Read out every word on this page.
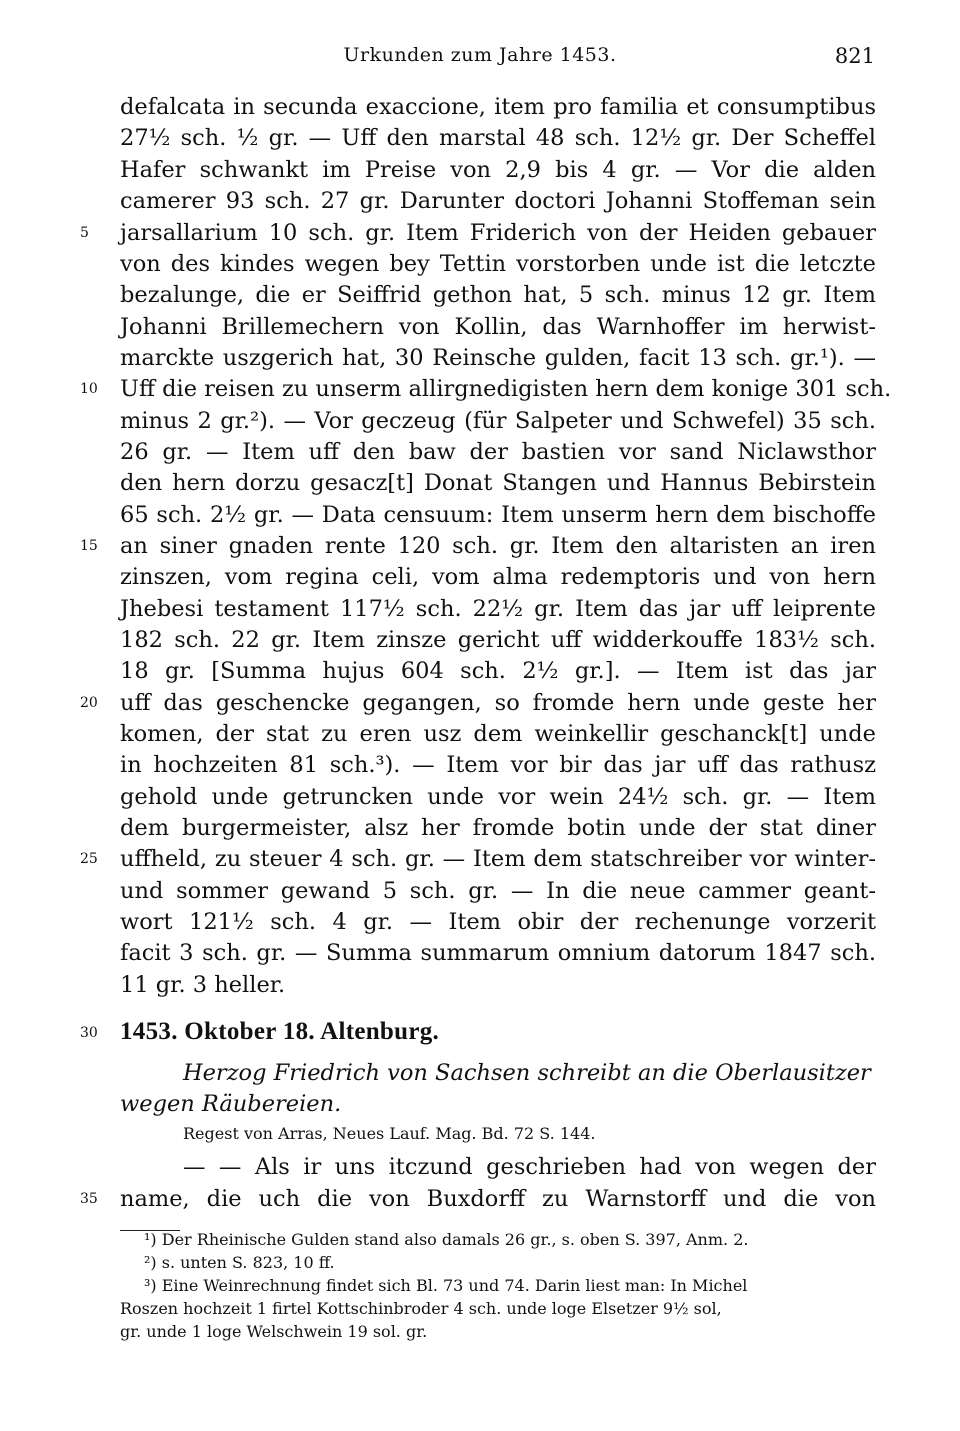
Urkunden zum Jahre 1453.	821
defalcata in secunda exaccione, item pro familia et consumptibus
27½ sch. ½ gr. — Uff den marstal 48 sch. 12½ gr. Der Scheffel
Hafer schwankt im Preise von 2,9 bis 4 gr. — Vor die alden
camerer 93 sch. 27 gr. Darunter doctori Johanni Stoffeman sein
jarsallarium 10 sch. gr. Item Friderich von der Heiden gebauer
von des kindes wegen bey Tettin vorstorben unde ist die letczte
bezalunge, die er Seiffrid gethon hat, 5 sch. minus 12 gr. Item
Johanni Brillemechern von Kollin, das Warnhoffer im herwist-
marckte uszgerich hat, 30 Reinsche gulden, facit 13 sch. gr.¹). —
Uff die reisen zu unserm allirgnedigisten hern dem konige 301 sch.
minus 2 gr.²). — Vor geczeug (für Salpeter und Schwefel) 35 sch.
26 gr. — Item uff den baw der bastien vor sand Niclawsthor
den hern dorzu gesacz[t] Donat Stangen und Hannus Bebirstein
65 sch. 2½ gr. — Data censuum: Item unserm hern dem bischoffe
an siner gnaden rente 120 sch. gr. Item den altaristen an iren
zinszen, vom regina celi, vom alma redemptoris und von hern
Jhebesi testament 117½ sch. 22½ gr. Item das jar uff leiprente
182 sch. 22 gr. Item zinsze gericht uff widderkouffe 183½ sch.
18 gr. [Summa hujus 604 sch. 2½ gr.]. — Item ist das jar
uff das geschencke gegangen, so fromde hern unde geste her
komen, der stat zu eren usz dem weinkellir geschanck[t] unde
in hochzeiten 81 sch.³). — Item vor bir das jar uff das rathusz
gehold unde getruncken unde vor wein 24½ sch. gr. — Item
dem burgermeister, alsz her fromde botin unde der stat diner
uffheld, zu steuer 4 sch. gr. — Item dem statschreiber vor winter-
und sommer gewand 5 sch. gr. — In die neue cammer geant-
wort 121½ sch. 4 gr. — Item obir der rechenunge vorzerit
facit 3 sch. gr. — Summa summarum omnium datorum 1847 sch.
11 gr. 3 heller.
5
10
15
20
25
30
35
1453. Oktober 18. Altenburg.
Herzog Friedrich von Sachsen schreibt an die Oberlausitzer
wegen Räubereien.
Regest von Arras, Neues Lauf. Mag. Bd. 72 S. 144.
— — Als ir uns itczund geschrieben had von wegen der
name, die uch die von Buxdorff zu Warnstorff und die von
¹) Der Rheinische Gulden stand also damals 26 gr., s. oben S. 397, Anm. 2.
²) s. unten S. 823, 10 ff.
³) Eine Weinrechnung findet sich Bl. 73 und 74. Darin liest man: In Michel
Roszen hochzeit 1 firtel Kottschinbroder 4 sch. unde loge Elsetzer 9½ sol,
gr. unde 1 loge Welschwein 19 sol. gr.
